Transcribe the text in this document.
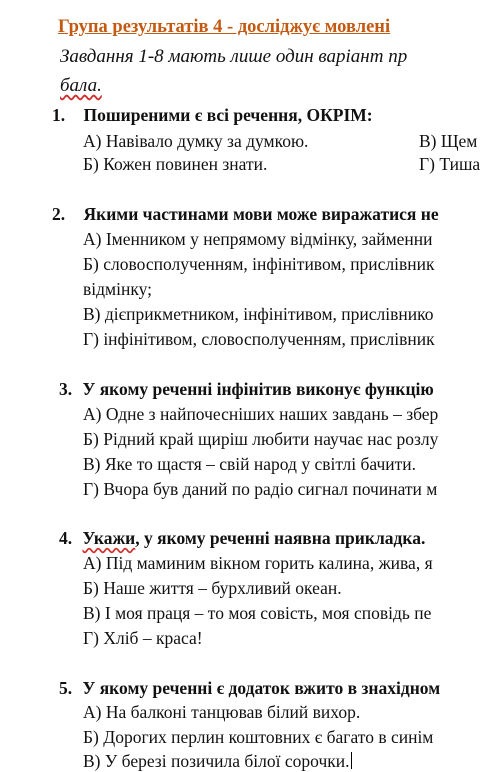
Група результатів 4 - досліджує мовлені
Завдання 1-8 мають лише один варіант пр
бала.
1. Поширеними є всі речення, ОКРІМ:
А) Навівало думку за думкою.	В) Щем
Б) Кожен повинен знати.	Г) Тиша
2. Якими частинами мови може виражатися не
А) Іменником у непрямому відмінку, займенни
Б) словосполученням, інфінітивом, прислівник
відмінку;
В) дієприкметником, інфінітивом, прислівнико
Г) інфінітивом, словосполученням, прислівник
3. У якому реченні інфінітив виконує функцію
А) Одне з найпочесніших наших завдань – збер
Б) Рідний край щиріш любити научає нас розлу
В) Яке то щастя – свій народ у світлі бачити.
Г) Вчора був даний по радіо сигнал починати м
4. Укажи, у якому реченні наявна прикладка.
А) Під маминим вікном горить калина, жива, я
Б) Наше життя – бурхливий океан.
В) І моя праця – то моя совість, моя сповідь пе
Г) Хліб – краса!
5. У якому реченні є додаток вжито в знахідном
А) На балконі танцював білий вихор.
Б) Дорогих перлин коштовних є багато в синім
В) У березі позичила білої сорочки.
